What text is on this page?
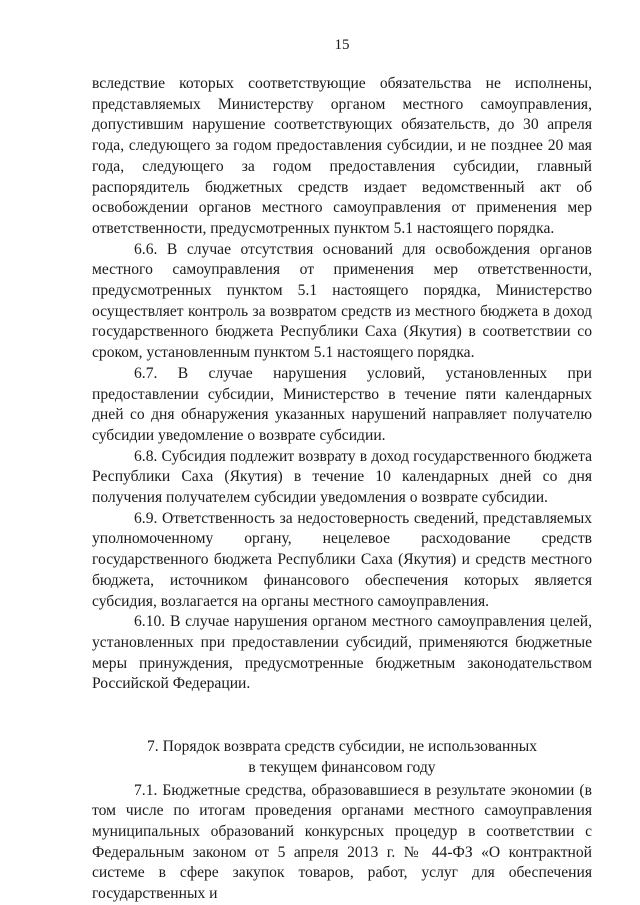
15

вследствие которых соответствующие обязательства не исполнены, представляемых Министерству органом местного самоуправления, допустившим нарушение соответствующих обязательств, до 30 апреля года, следующего за годом предоставления субсидии, и не позднее 20 мая года, следующего за годом предоставления субсидии, главный распорядитель бюджетных средств издает ведомственный акт об освобождении органов местного самоуправления от применения мер ответственности, предусмотренных пунктом 5.1 настоящего порядка.

6.6. В случае отсутствия оснований для освобождения органов местного самоуправления от применения мер ответственности, предусмотренных пунктом 5.1 настоящего порядка, Министерство осуществляет контроль за возвратом средств из местного бюджета в доход государственного бюджета Республики Саха (Якутия) в соответствии со сроком, установленным пунктом 5.1 настоящего порядка.

6.7. В случае нарушения условий, установленных при предоставлении субсидии, Министерство в течение пяти календарных дней со дня обнаружения указанных нарушений направляет получателю субсидии уведомление о возврате субсидии.

6.8. Субсидия подлежит возврату в доход государственного бюджета Республики Саха (Якутия) в течение 10 календарных дней со дня получения получателем субсидии уведомления о возврате субсидии.

6.9. Ответственность за недостоверность сведений, представляемых уполномоченному органу, нецелевое расходование средств государственного бюджета Республики Саха (Якутия) и средств местного бюджета, источником финансового обеспечения которых является субсидия, возлагается на органы местного самоуправления.

6.10. В случае нарушения органом местного самоуправления целей, установленных при предоставлении субсидий, применяются бюджетные меры принуждения, предусмотренные бюджетным законодательством Российской Федерации.

7. Порядок возврата средств субсидии, не использованных
в текущем финансовом году

7.1. Бюджетные средства, образовавшиеся в результате экономии (в том числе по итогам проведения органами местного самоуправления муниципальных образований конкурсных процедур в соответствии с Федеральным законом от 5 апреля 2013 г. № 44-ФЗ «О контрактной системе в сфере закупок товаров, работ, услуг для обеспечения государственных и
